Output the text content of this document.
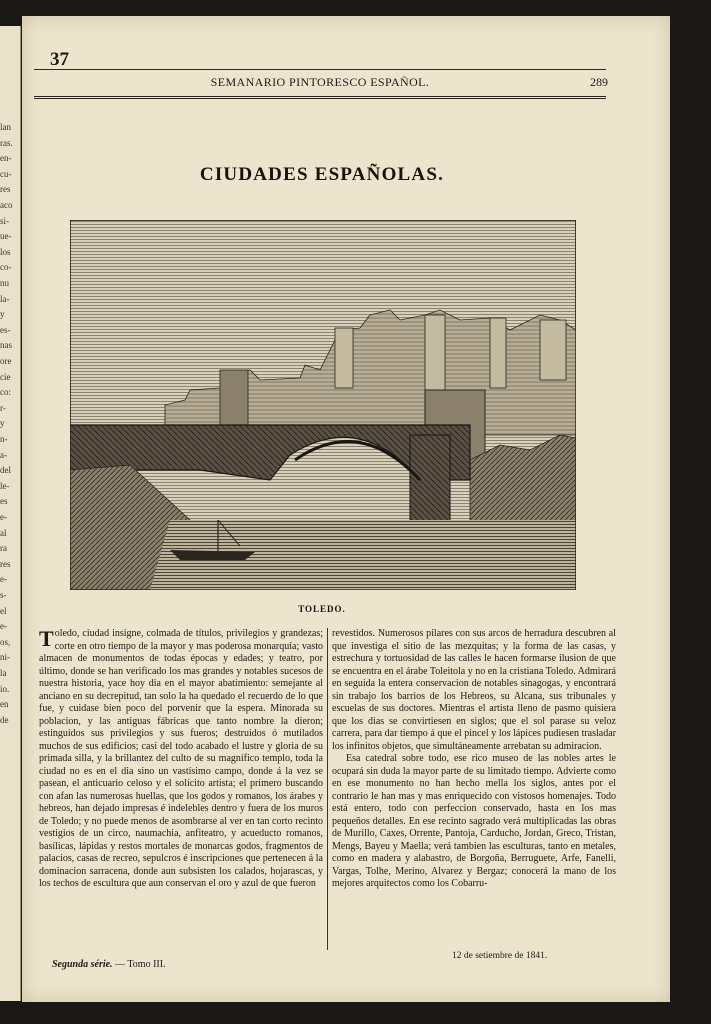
lan
ras.
en-
cu-
res
aco
si-
ue-
los
co-
nu
la-
y
es-
nas
ore
cie
co:
r-
y
n-
a-
del
le-
es
e-
al
ra
res
e-
s-
el
e-
os,
ni-
la
io.
en
de
37
SEMANARIO PINTORESCO ESPAÑOL.	289
CIUDADES ESPAÑOLAS.
TOLEDO.

Toledo, ciudad insigne, colmada de títulos, privilegios y grandezas; corte en otro tiempo de la mayor y mas poderosa monarquía; vasto almacen de monumentos de todas épocas y edades; y teatro, por último, donde se han verificado los mas grandes y notables sucesos de nuestra historia, yace hoy dia en el mayor abatimiento: semejante al anciano en su decrepitud, tan solo la ha quedado el recuerdo de lo que fue, y cuidase bien poco del porvenir que la espera. Minorada su poblacion, y las antiguas fábricas que tanto nombre la dieron; estinguidos sus privilegios y sus fueros; destruidos ó mutilados muchos de sus edificios; casi del todo acabado el lustre y gloria de su primada silla, y la brillantez del culto de su magnífico templo, toda la ciudad no es en el dia sino un vastísimo campo, donde á la vez se pasean, el anticuario celoso y el solícito artista; el primero buscando con afan las numerosas huellas, que los godos y romanos, los árabes y hebreos, han dejado impresas é indelebles dentro y fuera de los muros de Toledo; y no puede menos de asombrarse al ver en tan corto recinto vestigios de un circo, naumachia, anfiteatro, y acueducto romanos, basílicas, lápidas y restos mortales de monarcas godos, fragmentos de palacios, casas de recreo, sepulcros é inscripciones que pertenecen á la dominacion sarracena, donde aun subsisten los calados, hojarascas, y los techos de escultura que aun conservan el oro y azul de que fueron

revestidos. Numerosos pilares con sus arcos de herradura descubren al que investiga el sitio de las mezquitas; y la forma de las casas, y estrechura y tortuosidad de las calles le hacen formarse ilusion de que se encuentra en el árabe Toleitola y no en la cristiana Toledo. Admirará en seguida la entera conservacion de notables sinagogas, y encontrará sin trabajo los barrios de los Hebreos, su Alcana, sus tribunales y escuelas de sus doctores. Mientras el artista lleno de pasmo quisiera que los dias se convirtiesen en siglos; que el sol parase su veloz carrera, para dar tiempo á que el pincel y los lápices pudiesen trasladar los infinitos objetos, que simultáneamente arrebatan su admiracion.

Esa catedral sobre todo, ese rico museo de las nobles artes le ocupará sin duda la mayor parte de su limitado tiempo. Advierte como en ese monumento no han hecho mella los siglos, antes por el contrario le han mas y mas enriquecido con vistosos homenajes. Todo está entero, todo con perfeccion conservado, hasta en los mas pequeños detalles. En ese recinto sagrado verá multiplicadas las obras de Murillo, Caxes, Orrente, Pantoja, Carducho, Jordan, Greco, Tristan, Mengs, Bayeu y Maella; verá tambien las esculturas, tanto en metales, como en madera y alabastro, de Borgoña, Berruguete, Arfe, Fanelli, Vargas, Tolhe, Merino, Alvarez y Bergaz; conocerá la mano de los mejores arquitectos como los Cobarru-

12 de setiembre de 1841.
Segunda série. — Tomo III.
